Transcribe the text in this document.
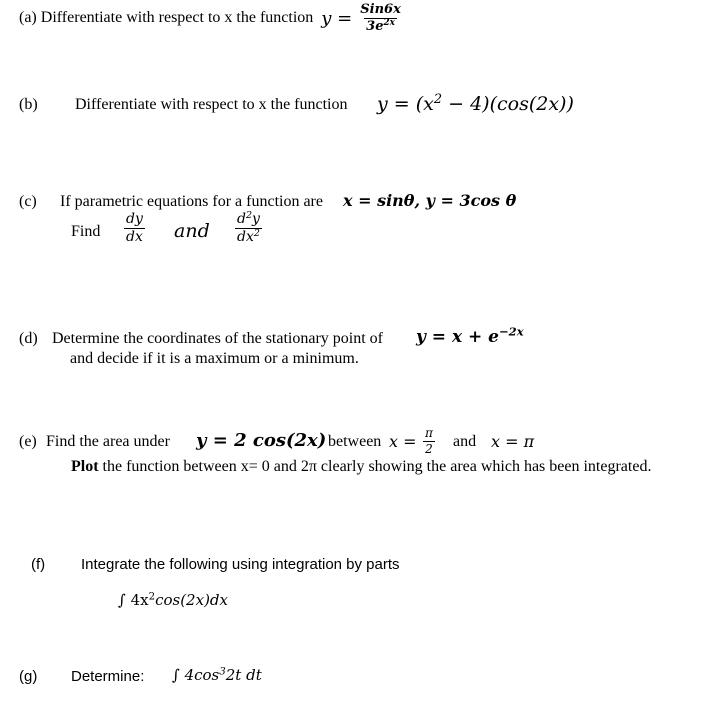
(a)
Differentiate with respect to x the function $y = \frac{\text{Sin6x}}{3e^{2x}}$
(b) Differentiate with respect to x the function $y = (x^2 - 4)(\cos(2x))$
(c) If parametric equations for a function are x = sinθ, y = 3cos θ
Find $\frac{dy}{dx}$ and $\frac{d^2y}{dx^2}$
(d) Determine the coordinates of the stationary point of $y = x + e^{-2x}$
and decide if it is a maximum or a minimum.
(e) Find the area under y = 2 cos(2x) between $x = \frac{\pi}{2}$ and x = π
Plot the function between x= 0 and 2π clearly showing the area which has been integrated.
(f) Integrate the following using integration by parts
∫ $4x^2\cos(2x)dx$
(g) Determine: ∫ $4\cos^32t$ dt
